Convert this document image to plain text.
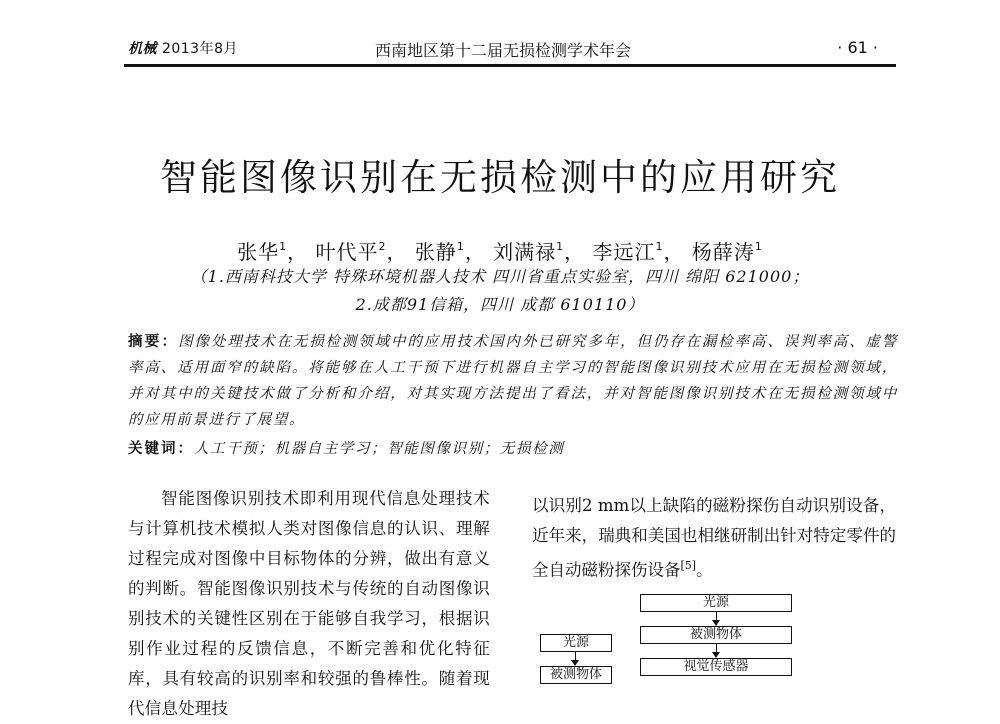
机械 2013年8月	西南地区第十二届无损检测学术年会	· 61 ·
智能图像识别在无损检测中的应用研究
张华$^1$， 叶代平$^2$， 张静$^1$， 刘满禄$^1$， 李远江$^1$， 杨薛涛$^1$
（1.西南科技大学 特殊环境机器人技术 四川省重点实验室，四川 绵阳 621000；
2.成都91信箱，四川 成都 610110）
摘要：图像处理技术在无损检测领域中的应用技术国内外已研究多年，但仍存在漏检率高、误判率高、虚警率高、适用面窄的缺陷。将能够在人工干预下进行机器自主学习的智能图像识别技术应用在无损检测领域，并对其中的关键技术做了分析和介绍，对其实现方法提出了看法，并对智能图像识别技术在无损检测领域中的应用前景进行了展望。
关键词：人工干预；机器自主学习；智能图像识别；无损检测

智能图像识别技术即利用现代信息处理技术与计算机技术模拟人类对图像信息的认识、理解过程完成对图像中目标物体的分辨，做出有意义的判断。智能图像识别技术与传统的自动图像识别技术的关键性区别在于能够自我学习，根据识别作业过程的反馈信息，不断完善和优化特征库，具有较高的识别率和较强的鲁棒性。随着现代信息处理技

以识别2 mm以上缺陷的磁粉探伤自动识别设备，近年来，瑞典和美国也相继研制出针对特定零件的全自动磁粉探伤设备[5]。

光源
被测物体
视觉传感器
光源
被测物体
